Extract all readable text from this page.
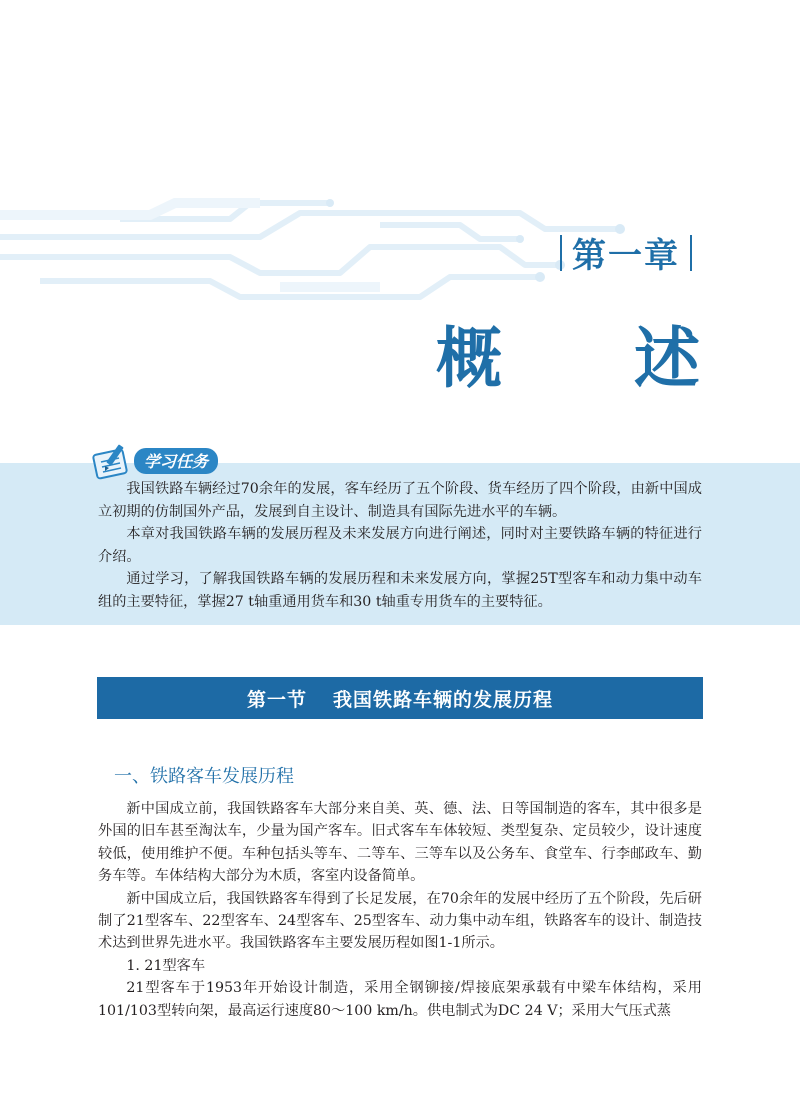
第一章
概 述
学习任务

我国铁路车辆经过70余年的发展，客车经历了五个阶段、货车经历了四个阶段，由新中国成立初期的仿制国外产品，发展到自主设计、制造具有国际先进水平的车辆。

本章对我国铁路车辆的发展历程及未来发展方向进行阐述，同时对主要铁路车辆的特征进行介绍。

通过学习，了解我国铁路车辆的发展历程和未来发展方向，掌握25T型客车和动力集中动车组的主要特征，掌握27 t轴重通用货车和30 t轴重专用货车的主要特征。

第一节 我国铁路车辆的发展历程
一、铁路客车发展历程

新中国成立前，我国铁路客车大部分来自美、英、德、法、日等国制造的客车，其中很多是外国的旧车甚至淘汰车，少量为国产客车。旧式客车车体较短、类型复杂、定员较少，设计速度较低，使用维护不便。车种包括头等车、二等车、三等车以及公务车、食堂车、行李邮政车、勤务车等。车体结构大部分为木质，客室内设备简单。

新中国成立后，我国铁路客车得到了长足发展，在70余年的发展中经历了五个阶段，先后研制了21型客车、22型客车、24型客车、25型客车、动力集中动车组，铁路客车的设计、制造技术达到世界先进水平。我国铁路客车主要发展历程如图1-1所示。

1. 21型客车

21型客车于1953年开始设计制造，采用全钢铆接/焊接底架承载有中梁车体结构，采用101/103型转向架，最高运行速度80～100 km/h。供电制式为DC 24 V；采用大气压式蒸
